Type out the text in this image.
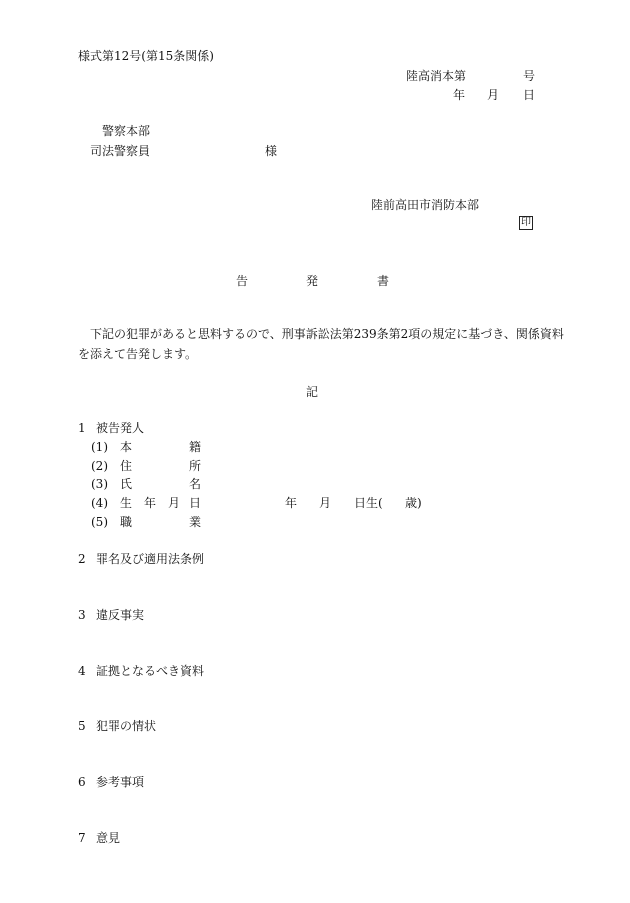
様式第12号(第15条関係)
陸高消本第	号
年 月 日
警察本部
司法警察員	様
陸前高田市消防本部
印
告	発	書
下記の犯罪があると思料するので、刑事訴訟法第239条第2項の規定に基づき、関係資料
を添えて告発します。
記
1 被告発人
(1) 本	籍
(2) 住	所
(3) 氏	名
(4) 生　年　月 日	年 月 日生( 歳)
(5) 職	業
2 罪名及び適用法条例
3 違反事実
4 証拠となるべき資料
5 犯罪の情状
6 参考事項
7 意見
